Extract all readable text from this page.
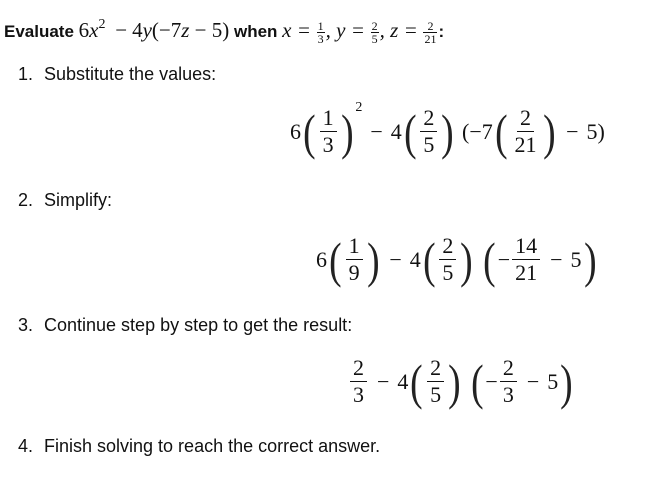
Evaluate $6x^2 - 4y(-7z - 5)$ when $x = \frac{1}{3}$ , $y = \frac{2}{5}$ , $z = \frac{2}{21}$ :
1. Substitute the values:
6 ( $\frac{1}{3}$ ) 2
− 4 ( $\frac{2}{5}$ ) (−7 ( $\frac{2}{21}$ ) − 5)
2. Simplify:
6 ( $\frac{1}{9}$ ) − 4 ( $\frac{2}{5}$ ) ( − $\frac{14}{21} - 5$ )
3. Continue step by step to get the result:
$\frac{2}{3} - 4$ ( $\frac{2}{5}$ ) ( − $\frac{2}{3} - 5$ )
4. Finish solving to reach the correct answer.
